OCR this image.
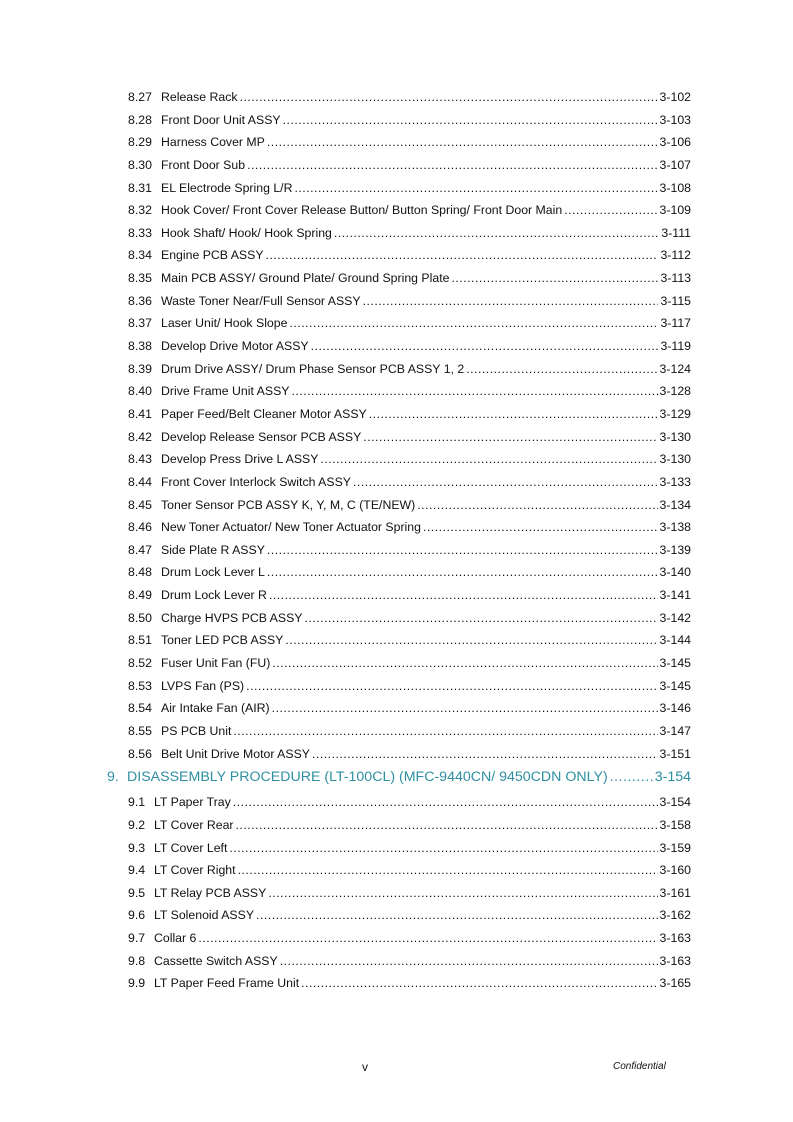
8.27 Release Rack .....	3-102
8.28 Front Door Unit ASSY .....	3-103
8.29 Harness Cover MP .....	3-106
8.30 Front Door Sub .....	3-107
8.31 EL Electrode Spring L/R .....	3-108
8.32 Hook Cover/ Front Cover Release Button/ Button Spring/ Front Door Main .....	3-109
8.33 Hook Shaft/ Hook/ Hook Spring .....	3-111
8.34 Engine PCB ASSY .....	3-112
8.35 Main PCB ASSY/ Ground Plate/ Ground Spring Plate .....	3-113
8.36 Waste Toner Near/Full Sensor ASSY .....	3-115
8.37 Laser Unit/ Hook Slope .....	3-117
8.38 Develop Drive Motor ASSY .....	3-119
8.39 Drum Drive ASSY/ Drum Phase Sensor PCB ASSY 1, 2 .....	3-124
8.40 Drive Frame Unit ASSY .....	3-128
8.41 Paper Feed/Belt Cleaner Motor ASSY .....	3-129
8.42 Develop Release Sensor PCB ASSY .....	3-130
8.43 Develop Press Drive L ASSY .....	3-130
8.44 Front Cover Interlock Switch ASSY .....	3-133
8.45 Toner Sensor PCB ASSY K, Y, M, C (TE/NEW) .....	3-134
8.46 New Toner Actuator/ New Toner Actuator Spring .....	3-138
8.47 Side Plate R ASSY .....	3-139
8.48 Drum Lock Lever L .....	3-140
8.49 Drum Lock Lever R .....	3-141
8.50 Charge HVPS PCB ASSY .....	3-142
8.51 Toner LED PCB ASSY .....	3-144
8.52 Fuser Unit Fan (FU) .....	3-145
8.53 LVPS Fan (PS) .....	3-145
8.54 Air Intake Fan (AIR) .....	3-146
8.55 PS PCB Unit .....	3-147
8.56 Belt Unit Drive Motor ASSY .....	3-151
9. DISASSEMBLY PROCEDURE (LT-100CL) (MFC-9440CN/ 9450CDN ONLY) .....	3-154
9.1 LT Paper Tray .....	3-154
9.2 LT Cover Rear .....	3-158
9.3 LT Cover Left .....	3-159
9.4 LT Cover Right .....	3-160
9.5 LT Relay PCB ASSY .....	3-161
9.6 LT Solenoid ASSY .....	3-162
9.7 Collar 6 .....	3-163
9.8 Cassette Switch ASSY .....	3-163
9.9 LT Paper Feed Frame Unit .....	3-165
v	Confidential
